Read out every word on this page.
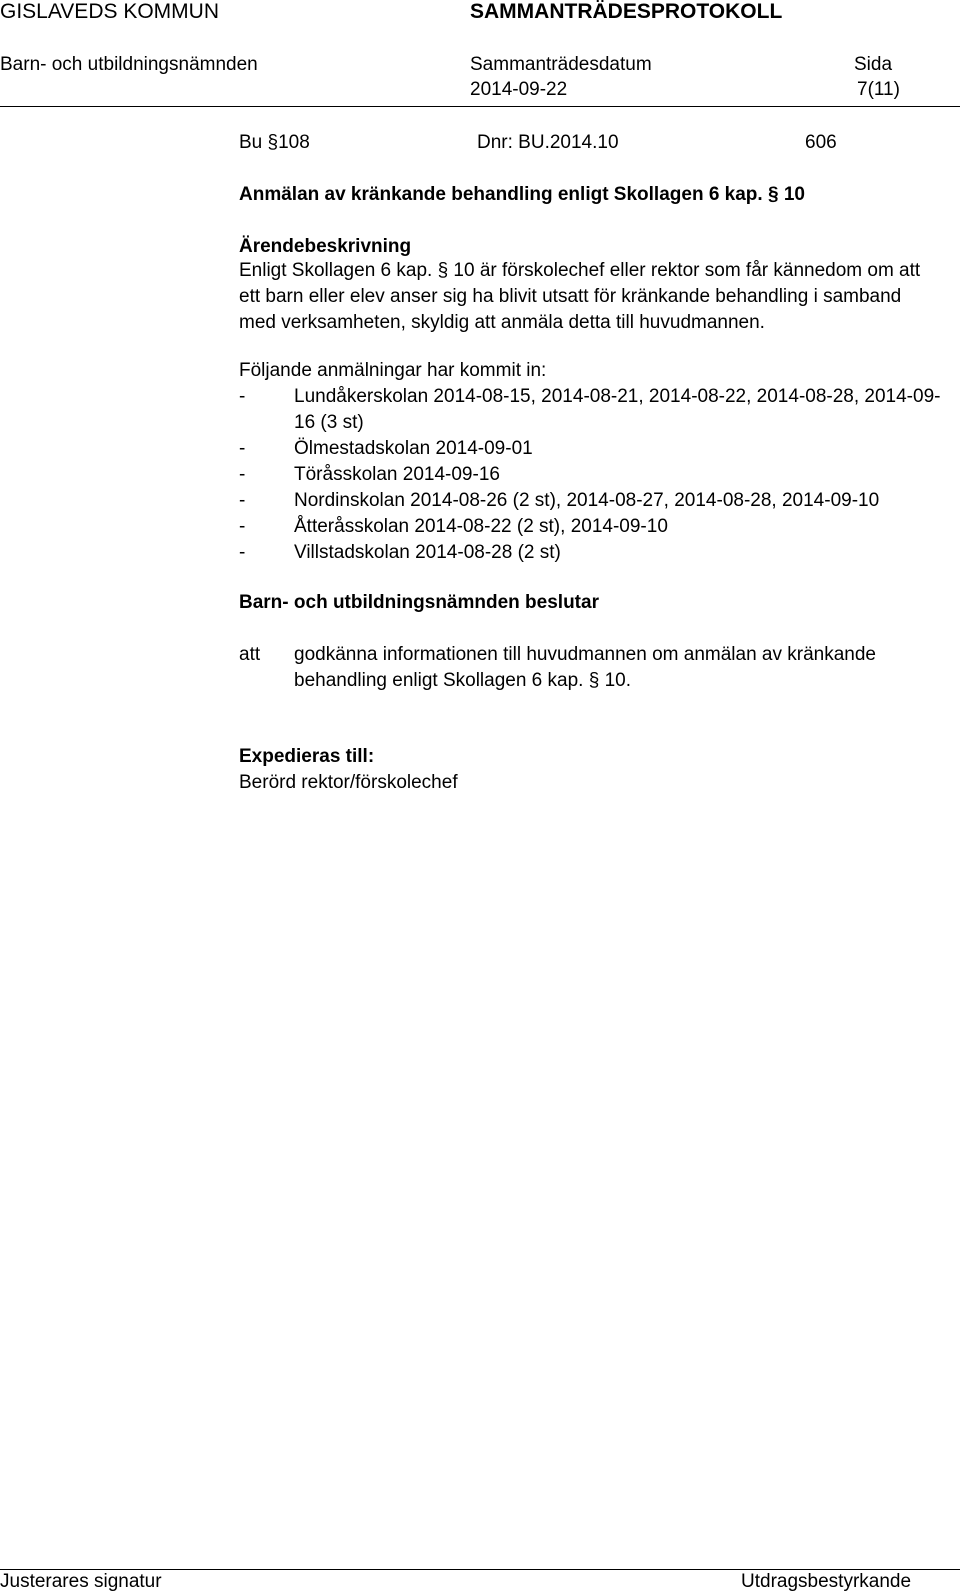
GISLAVEDS KOMMUN	SAMMANTRÄDESPROTOKOLL
Barn- och utbildningsnämnden	Sammanträdesdatum
2014-09-22
Sida
7(11)
Bu §108	Dnr: BU.2014.10	606
Anmälan av kränkande behandling enligt Skollagen 6 kap. § 10
Ärendebeskrivning
Enligt Skollagen 6 kap. § 10 är förskolechef eller rektor som får kännedom om att ett barn eller elev anser sig ha blivit utsatt för kränkande behandling i samband med verksamheten, skyldig att anmäla detta till huvudmannen.
Följande anmälningar har kommit in:
-	Lundåkerskolan 2014-08-15, 2014-08-21, 2014-08-22, 2014-08-28, 2014-09-16 (3 st)
-	Ölmestadskolan 2014-09-01
-	Töråsskolan 2014-09-16
-	Nordinskolan 2014-08-26 (2 st), 2014-08-27, 2014-08-28, 2014-09-10
-	Åtteråsskolan 2014-08-22 (2 st), 2014-09-10
-	Villstadskolan 2014-08-28 (2 st)
Barn- och utbildningsnämnden beslutar
att godkänna informationen till huvudmannen om anmälan av kränkande behandling enligt Skollagen 6 kap. § 10.
Expedieras till:
Berörd rektor/förskolechef
Justerares signatur	Utdragsbestyrkande
